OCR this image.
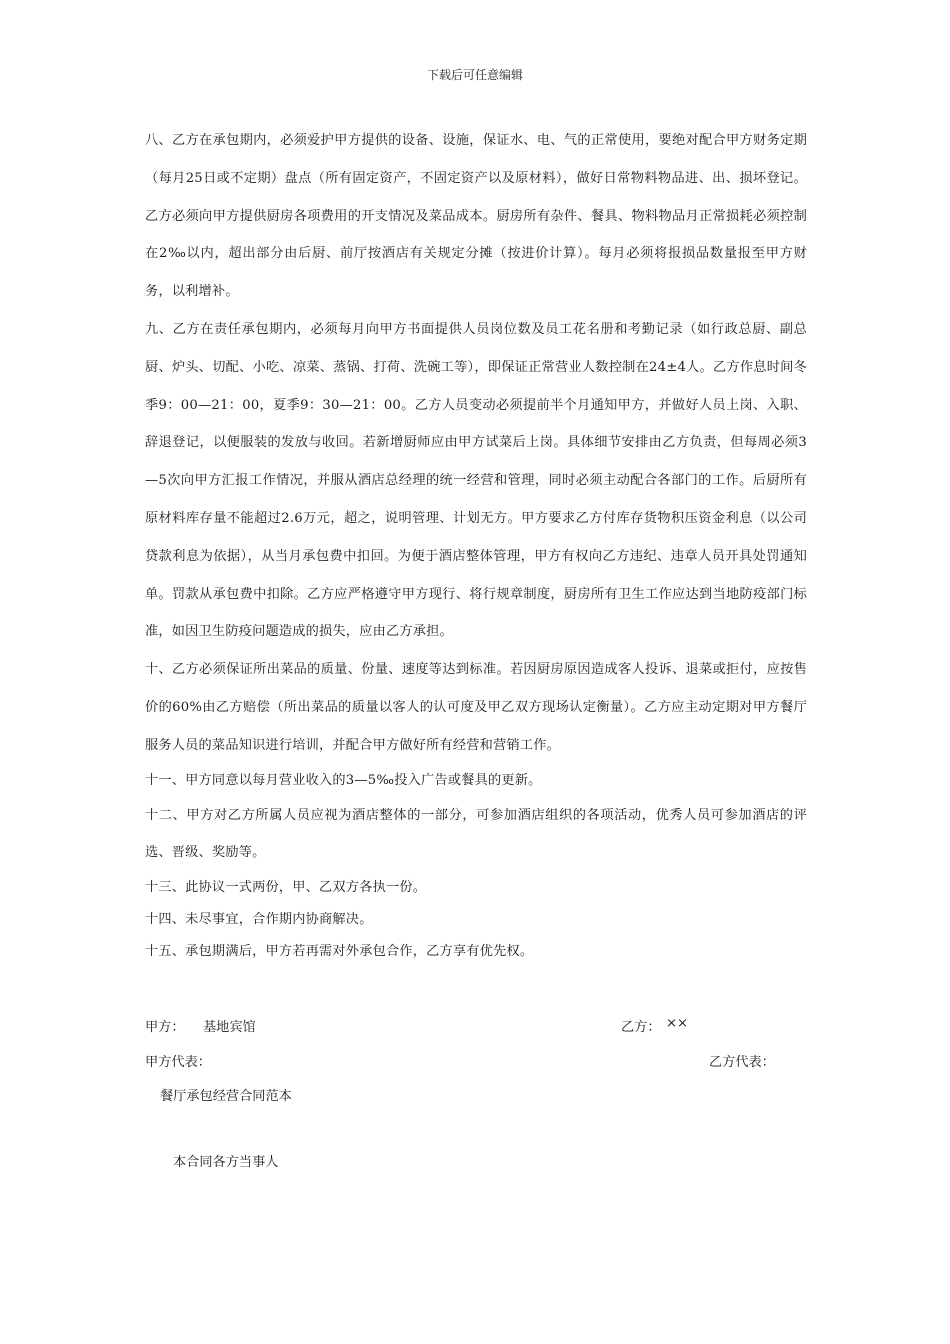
下载后可任意编辑

八、乙方在承包期内，必须爱护甲方提供的设备、设施，保证水、电、气的正常使用，要绝对配合甲方财务定期（每月25日或不定期）盘点（所有固定资产，不固定资产以及原材料），做好日常物料物品进、出、损坏登记。乙方必须向甲方提供厨房各项费用的开支情况及菜品成本。厨房所有杂件、餐具、物料物品月正常损耗必须控制在2‰以内，超出部分由后厨、前厅按酒店有关规定分摊（按进价计算）。每月必须将报损品数量报至甲方财务，以利增补。

九、乙方在责任承包期内，必须每月向甲方书面提供人员岗位数及员工花名册和考勤记录（如行政总厨、副总厨、炉头、切配、小吃、凉菜、蒸锅、打荷、洗碗工等），即保证正常营业人数控制在24±4人。乙方作息时间冬季9：00—21：00，夏季9：30—21：00。乙方人员变动必须提前半个月通知甲方，并做好人员上岗、入职、辞退登记，以便服装的发放与收回。若新增厨师应由甲方试菜后上岗。具体细节安排由乙方负责，但每周必须3—5次向甲方汇报工作情况，并服从酒店总经理的统一经营和管理，同时必须主动配合各部门的工作。后厨所有原材料库存量不能超过2.6万元，超之，说明管理、计划无方。甲方要求乙方付库存货物积压资金利息（以公司贷款利息为依据），从当月承包费中扣回。为便于酒店整体管理，甲方有权向乙方违纪、违章人员开具处罚通知单。罚款从承包费中扣除。乙方应严格遵守甲方现行、将行规章制度，厨房所有卫生工作应达到当地防疫部门标准，如因卫生防疫问题造成的损失，应由乙方承担。

十、乙方必须保证所出菜品的质量、份量、速度等达到标准。若因厨房原因造成客人投诉、退菜或拒付，应按售价的60%由乙方赔偿（所出菜品的质量以客人的认可度及甲乙双方现场认定衡量）。乙方应主动定期对甲方餐厅服务人员的菜品知识进行培训，并配合甲方做好所有经营和营销工作。

十一、甲方同意以每月营业收入的3—5‰投入广告或餐具的更新。

十二、甲方对乙方所属人员应视为酒店整体的一部分，可参加酒店组织的各项活动，优秀人员可参加酒店的评选、晋级、奖励等。

十三、此协议一式两份，甲、乙双方各执一份。

十四、未尽事宜，合作期内协商解决。

十五、承包期满后，甲方若再需对外承包合作，乙方享有优先权。

甲方： 基地宾馆	乙方： ××
甲方代表：	乙方代表：
餐厅承包经营合同范本
本合同各方当事人
